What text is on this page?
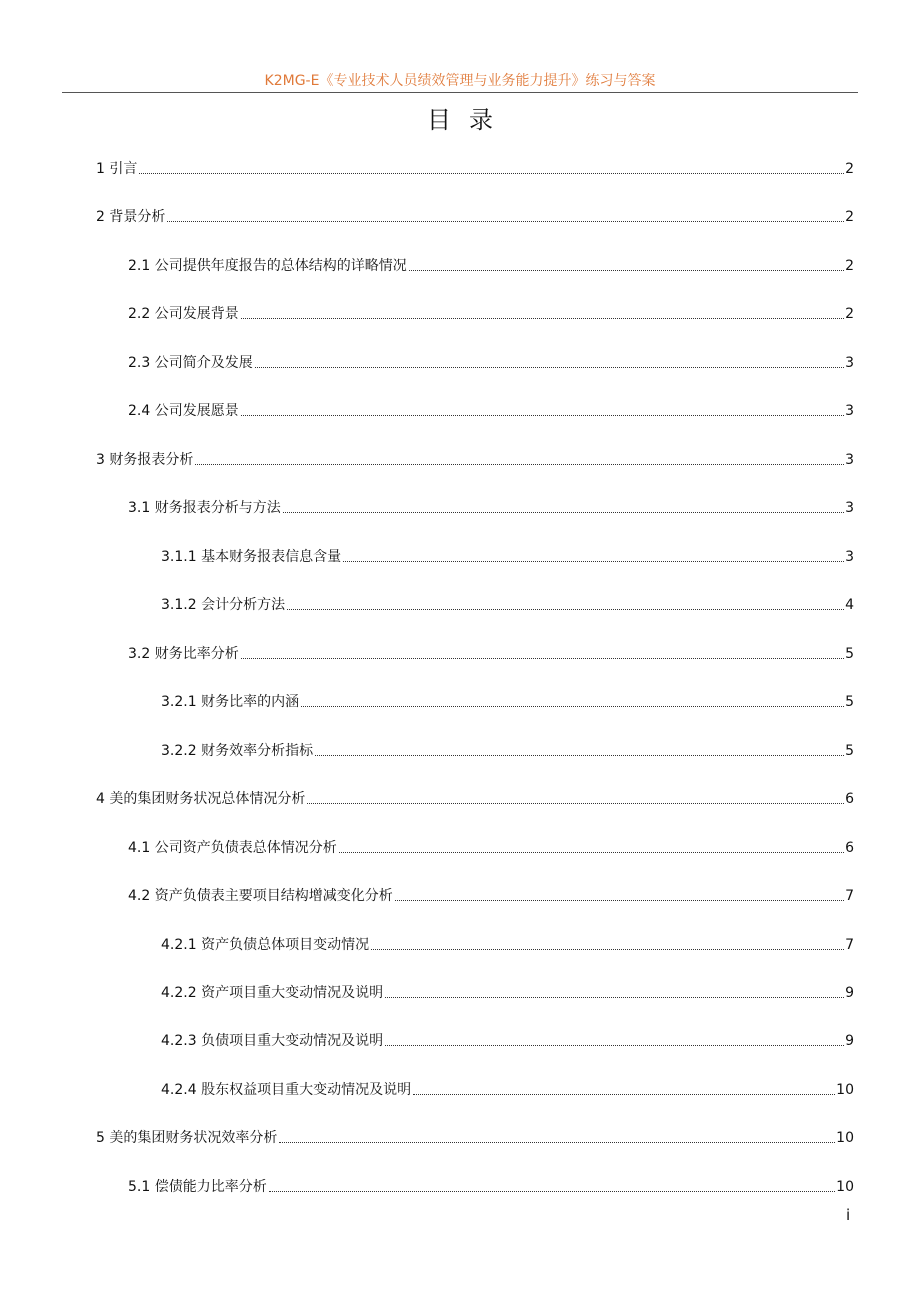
K2MG-E《专业技术人员绩效管理与业务能力提升》练习与答案
目录
1 引言	2
2 背景分析	2
2.1 公司提供年度报告的总体结构的详略情况	2
2.2 公司发展背景	2
2.3 公司简介及发展	3
2.4 公司发展愿景	3
3 财务报表分析	3
3.1 财务报表分析与方法	3
3.1.1 基本财务报表信息含量	3
3.1.2 会计分析方法	4
3.2 财务比率分析	5
3.2.1 财务比率的内涵	5
3.2.2 财务效率分析指标	5
4 美的集团财务状况总体情况分析	6
4.1 公司资产负债表总体情况分析	6
4.2 资产负债表主要项目结构增减变化分析	7
4.2.1 资产负债总体项目变动情况	7
4.2.2 资产项目重大变动情况及说明	9
4.2.3 负债项目重大变动情况及说明	9
4.2.4 股东权益项目重大变动情况及说明	10
5 美的集团财务状况效率分析	10
5.1 偿债能力比率分析	10
i
